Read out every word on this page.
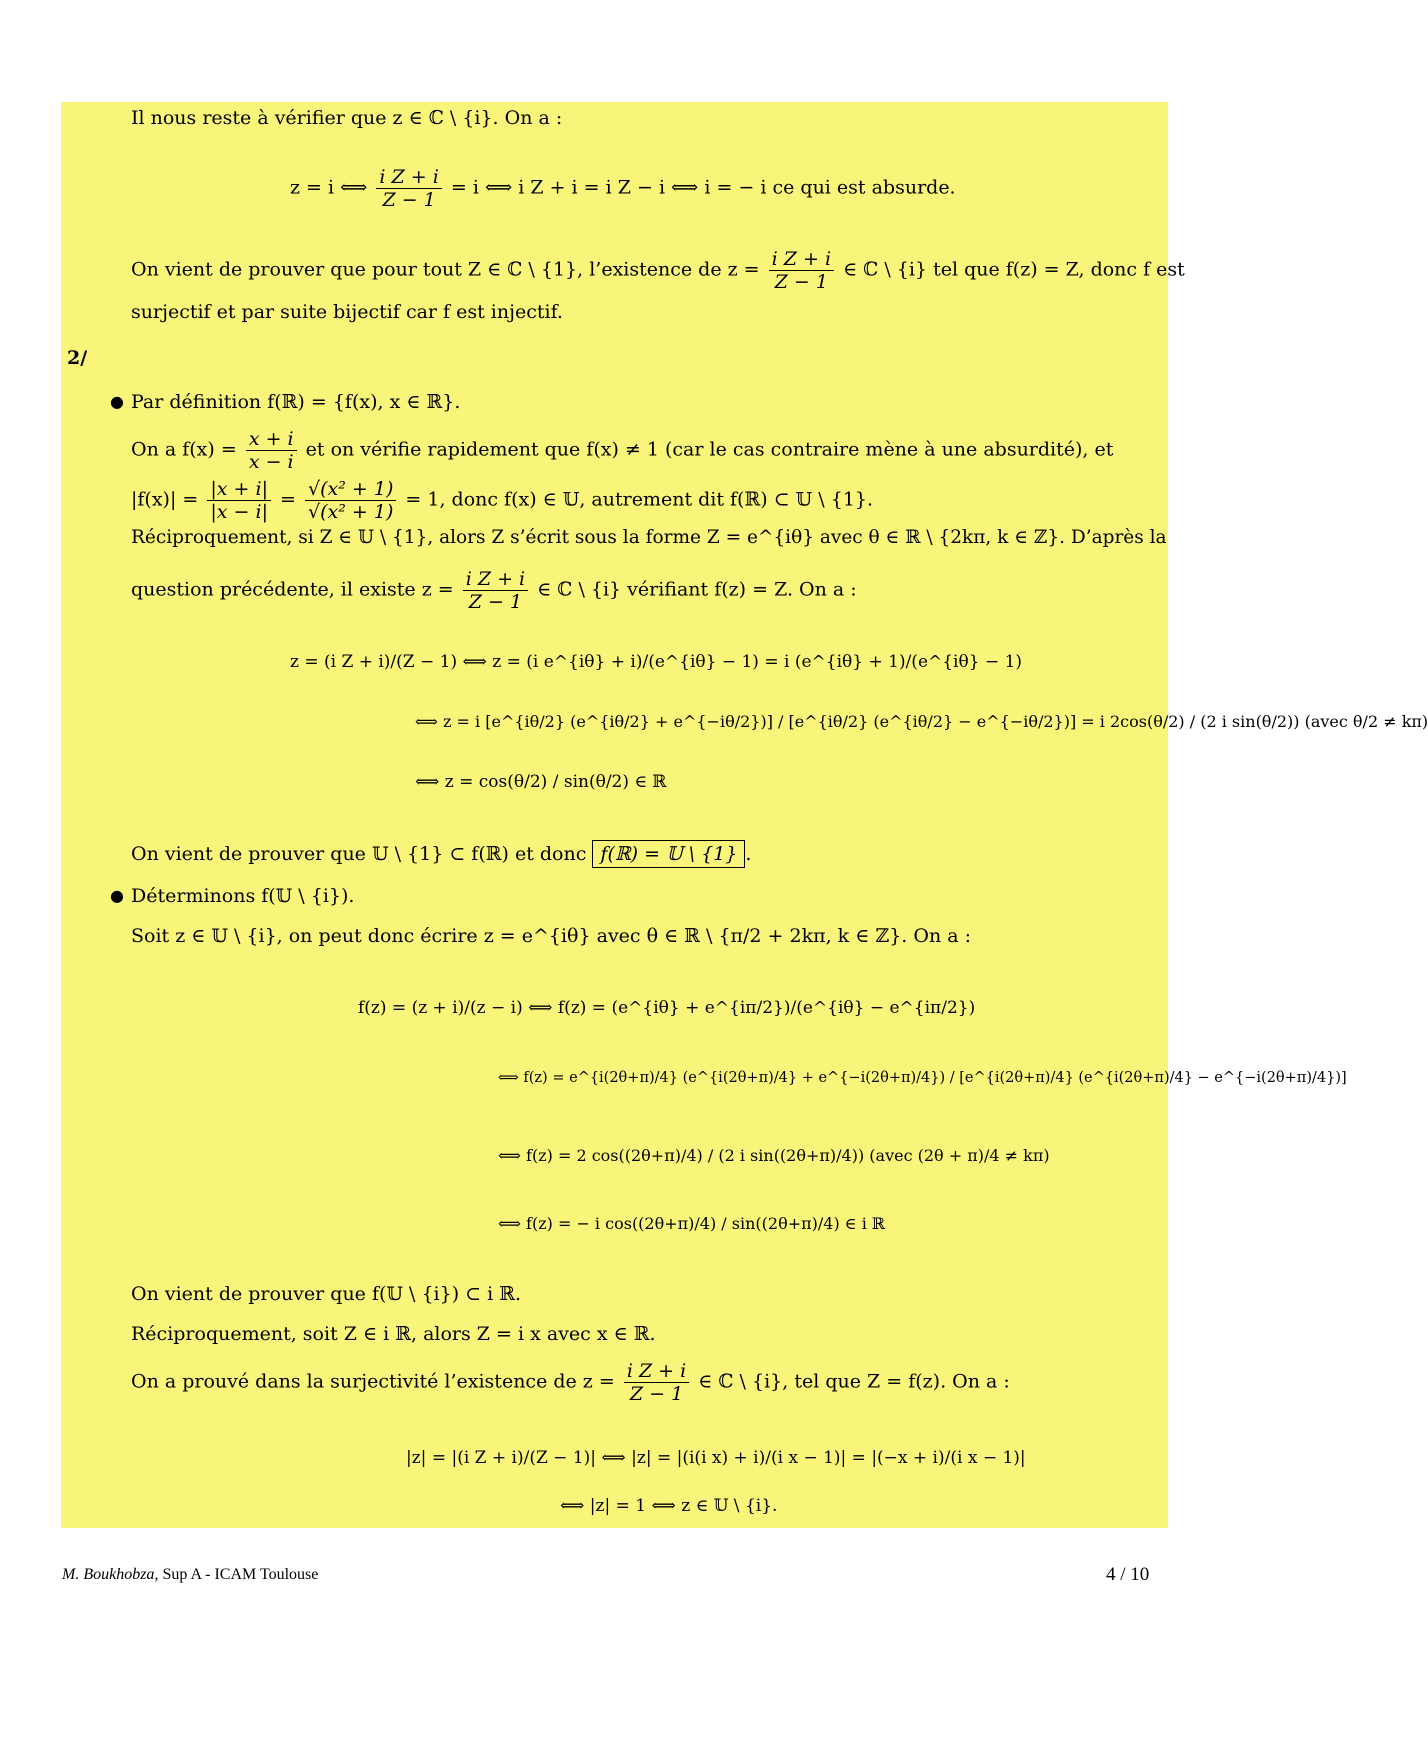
Il nous reste à vérifier que z ∈ ℂ \ {i}. On a :
z = i ⟺ $\frac{\text{i Z + i}}{Z - 1} = i$ ⟺ i Z + i = i Z − i ⟺ i = − i ce qui est absurde.
On vient de prouver que pour tout Z ∈ ℂ \ {1}, l’existence de $z = \frac{\text{i Z + i}}{Z - 1}$ ∈ ℂ \ {i} tel que f(z) = Z, donc f est
surjectif et par suite bijectif car f est injectif.
2/
● Par définition f(ℝ) = {f(x), x ∈ ℝ}.
On a $f(x) = \frac{x + i}{x - i}$ et on vérifie rapidement que f(x) ≠ 1 (car le cas contraire mène à une absurdité), et
$|f(x)| = \frac{|x + i|}{|x - i|} = \frac{\text{√(x² + 1)}}{\text{√(x² + 1)}} = 1$, donc f(x) ∈ 𝕌, autrement dit f(ℝ) ⊂ 𝕌 \ {1}.
Réciproquement, si Z ∈ 𝕌 \ {1}, alors Z s’écrit sous la forme Z = e^{iθ} avec θ ∈ ℝ \ {2kπ, k ∈ ℤ}. D’après la
question précédente, il existe $z = \frac{\text{i Z + i}}{Z - 1}$ ∈ ℂ \ {i} vérifiant f(z) = Z. On a :
z = (i Z + i)/(Z − 1) ⟺ z = (i e^{iθ} + i)/(e^{iθ} − 1) = i (e^{iθ} + 1)/(e^{iθ} − 1)
⟺ z = i [e^{iθ/2} (e^{iθ/2} + e^{−iθ/2})] / [e^{iθ/2} (e^{iθ/2} − e^{−iθ/2})] = i 2cos(θ/2) / (2 i sin(θ/2)) (avec θ/2 ≠ kπ)
⟺ z = cos(θ/2) / sin(θ/2) ∈ ℝ
On vient de prouver que 𝕌 \ {1} ⊂ f(ℝ) et donc f(ℝ) = 𝕌 \ {1} .
● Déterminons f(𝕌 \ {i}).
Soit z ∈ 𝕌 \ {i}, on peut donc écrire z = e^{iθ} avec θ ∈ ℝ \ {π/2 + 2kπ, k ∈ ℤ}. On a :
f(z) = (z + i)/(z − i) ⟺ f(z) = (e^{iθ} + e^{iπ/2})/(e^{iθ} − e^{iπ/2})
⟺ f(z) = e^{i(2θ+π)/4} (e^{i(2θ+π)/4} + e^{−i(2θ+π)/4}) / [e^{i(2θ+π)/4} (e^{i(2θ+π)/4} − e^{−i(2θ+π)/4})]
⟺ f(z) = 2 cos((2θ+π)/4) / (2 i sin((2θ+π)/4)) (avec (2θ + π)/4 ≠ kπ)
⟺ f(z) = − i cos((2θ+π)/4) / sin((2θ+π)/4) ∈ i ℝ
On vient de prouver que f(𝕌 \ {i}) ⊂ i ℝ.
Réciproquement, soit Z ∈ i ℝ, alors Z = i x avec x ∈ ℝ.
On a prouvé dans la surjectivité l’existence de $z = \frac{\text{i Z + i}}{Z - 1}$ ∈ ℂ \ {i}, tel que Z = f(z). On a :
|z| = |(i Z + i)/(Z − 1)| ⟺ |z| = |(i(i x) + i)/(i x − 1)| = |(−x + i)/(i x − 1)|
⟺ |z| = 1 ⟺ z ∈ 𝕌 \ {i}.
M. Boukhobza, Sup A - ICAM Toulouse	4 / 10
